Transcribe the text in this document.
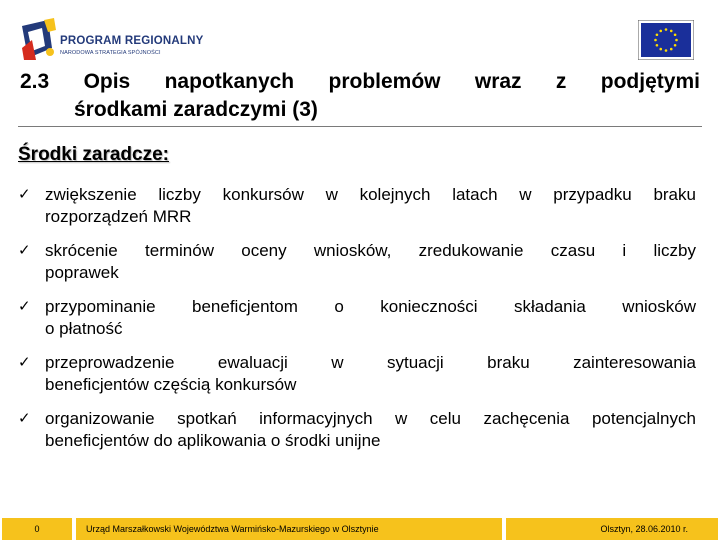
PROGRAM REGIONALNY
NARODOWA STRATEGIA SPÓJNOŚCI
2.3 Opis napotkanych problemów wraz z podjętymi
środkami zaradczymi (3)
Środki zaradcze:
✓ zwiększenie liczby konkursów w kolejnych latach w przypadku braku
rozporządzeń MRR
✓ skrócenie terminów oceny wniosków, zredukowanie czasu i liczby
poprawek
✓ przypominanie beneficjentom o konieczności składania wniosków
o płatność
✓ przeprowadzenie	ewaluacji	w	sytuacji	braku	zainteresowania
beneficjentów częścią konkursów
✓ organizowanie spotkań informacyjnych w celu zachęcenia potencjalnych
beneficjentów do aplikowania o środki unijne
0	Urząd Marszałkowski Województwa Warmińsko-Mazurskiego w Olsztynie	Olsztyn, 28.06.2010 r.
